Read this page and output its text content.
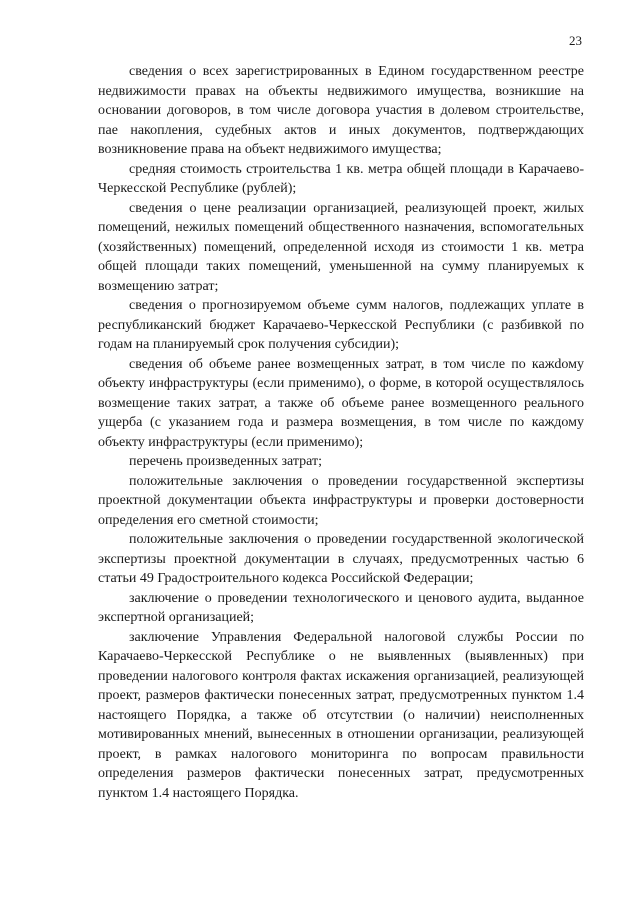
23

сведения о всех зарегистрированных в Едином государственном реестре недвижимости правах на объекты недвижимого имущества, возникшие на основании договоров, в том числе договора участия в долевом строительстве, пае накопления, судебных актов и иных документов, подтверждающих возникновение права на объект недвижимого имущества;

средняя стоимость строительства 1 кв. метра общей площади в Карачаево-Черкесской Республике (рублей);

сведения о цене реализации организацией, реализующей проект, жилых помещений, нежилых помещений общественного назначения, вспомогательных (хозяйственных) помещений, определенной исходя из стоимости 1 кв. метра общей площади таких помещений, уменьшенной на сумму планируемых к возмещению затрат;

сведения о прогнозируемом объеме сумм налогов, подлежащих уплате в республиканский бюджет Карачаево-Черкесской Республики (с разбивкой по годам на планируемый срок получения субсидии);

сведения об объеме ранее возмещенных затрат, в том числе по кажdому объекту инфраструктуры (если применимо), о форме, в которой осуществлялось возмещение таких затрат, а также об объеме ранее возмещенного реального ущерба (с указанием года и размера возмещения, в том числе по каждому объекту инфраструктуры (если применимо);

перечень произведенных затрат;

положительные заключения о проведении государственной экспертизы проектной документации объекта инфраструктуры и проверки достоверности определения его сметной стоимости;

положительные заключения о проведении государственной экологической экспертизы проектной документации в случаях, предусмотренных частью 6 статьи 49 Градостроительного кодекса Российской Федерации;

заключение о проведении технологического и ценового аудита, выданное экспертной организацией;

заключение Управления Федеральной налоговой службы России по Карачаево-Черкесской Республике о не выявленных (выявленных) при проведении налогового контроля фактах искажения организацией, реализующей проект, размеров фактически понесенных затрат, предусмотренных пунктом 1.4 настоящего Порядка, а также об отсутствии (о наличии) неисполненных мотивированных мнений, вынесенных в отношении организации, реализующей проект, в рамках налогового мониторинга по вопросам правильности определения размеров фактически понесенных затрат, предусмотренных пунктом 1.4 настоящего Порядка.
